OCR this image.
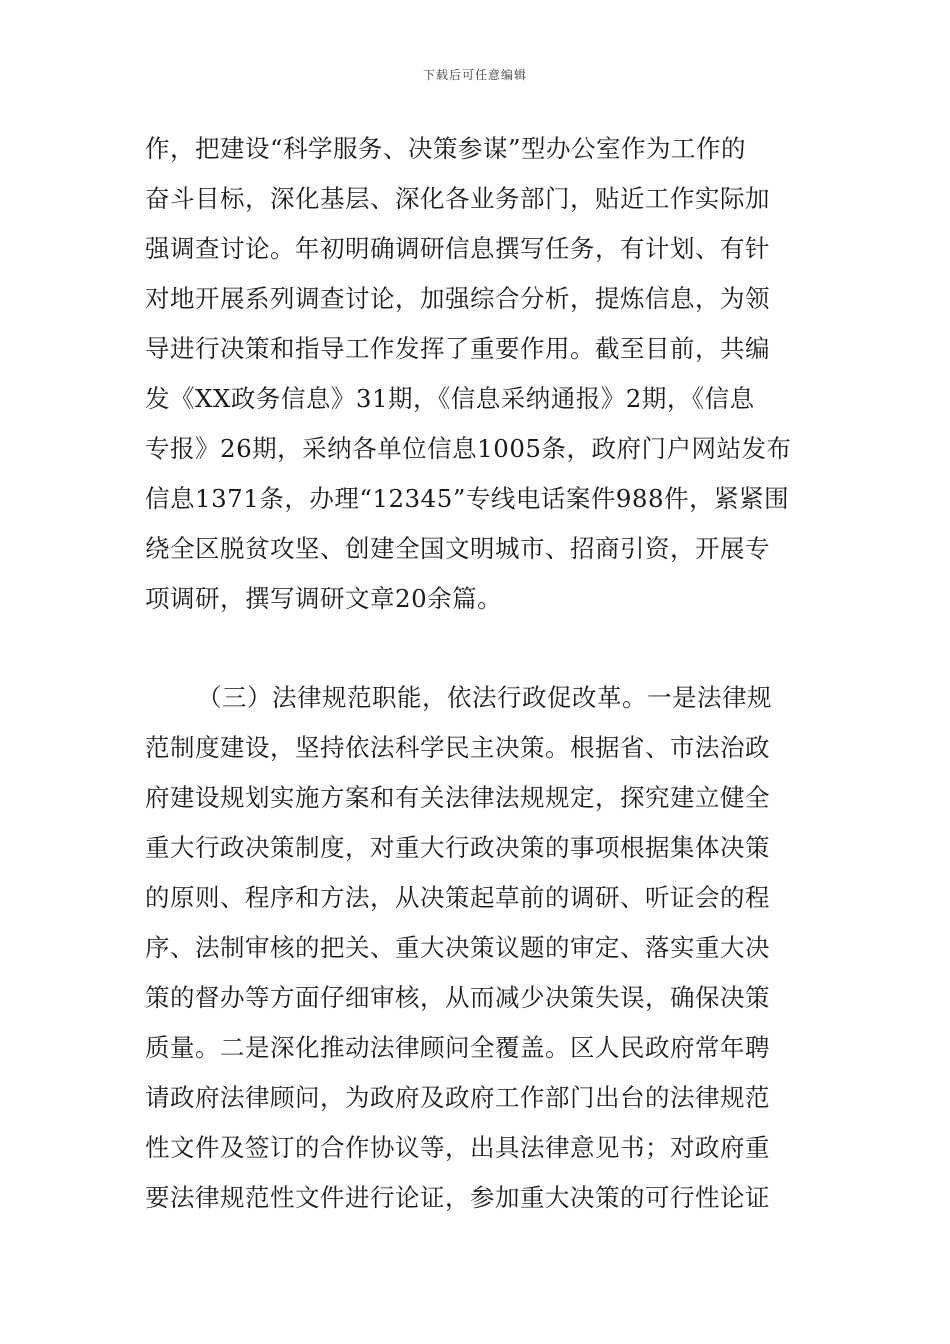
下载后可任意编辑
作，把建设“科学服务、决策参谋”型办公室作为工作的
奋斗目标，深化基层、深化各业务部门，贴近工作实际加
强调查讨论。年初明确调研信息撰写任务，有计划、有针
对地开展系列调查讨论，加强综合分析，提炼信息，为领
导进行决策和指导工作发挥了重要作用。截至目前，共编
发《XX政务信息》31期，《信息采纳通报》2期，《信息
专报》26期，采纳各单位信息1005条，政府门户网站发布
信息1371条，办理“12345”专线电话案件988件，紧紧围
绕全区脱贫攻坚、创建全国文明城市、招商引资，开展专
项调研，撰写调研文章20余篇。
（三）法律规范职能，依法行政促改革。一是法律规
范制度建设，坚持依法科学民主决策。根据省、市法治政
府建设规划实施方案和有关法律法规规定，探究建立健全
重大行政决策制度，对重大行政决策的事项根据集体决策
的原则、程序和方法，从决策起草前的调研、听证会的程
序、法制审核的把关、重大决策议题的审定、落实重大决
策的督办等方面仔细审核，从而减少决策失误，确保决策
质量。二是深化推动法律顾问全覆盖。区人民政府常年聘
请政府法律顾问，为政府及政府工作部门出台的法律规范
性文件及签订的合作协议等，出具法律意见书；对政府重
要法律规范性文件进行论证，参加重大决策的可行性论证
